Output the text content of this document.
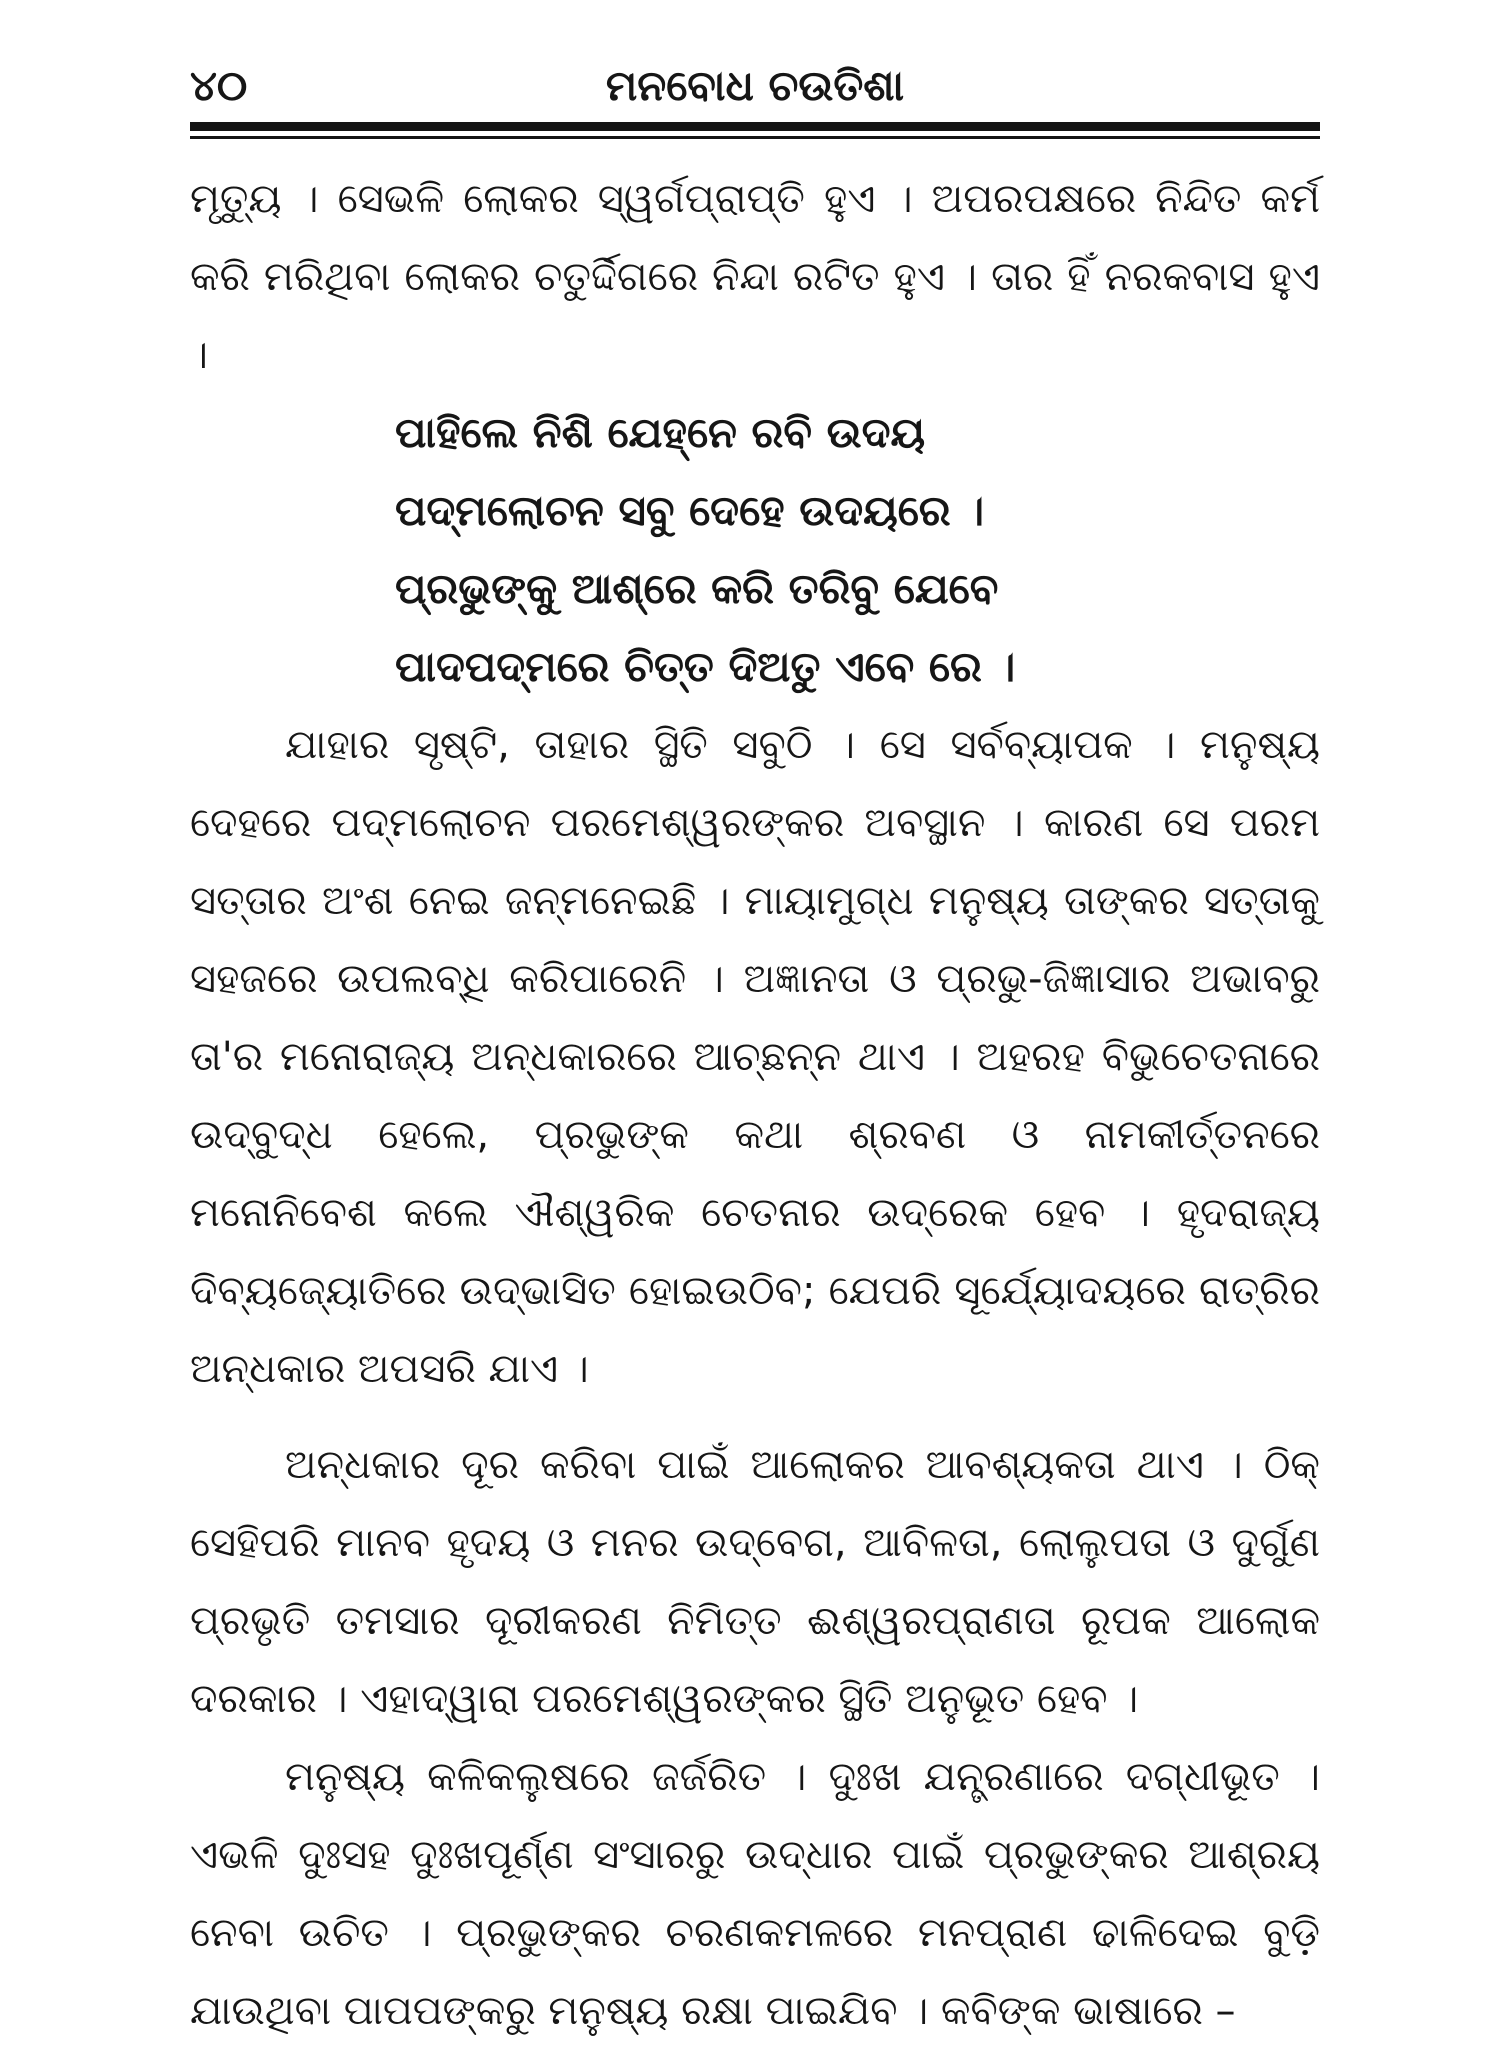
୪୦	ମନବୋଧ ଚଉତିଶା

ମୃତ୍ୟୁ । ସେଭଳି ଲୋକର ସ୍ୱର୍ଗପ୍ରାପ୍ତି ହୁଏ । ଅପରପକ୍ଷରେ ନିନ୍ଦିତ କର୍ମ କରି ମରିଥିବା ଲୋକର ଚତୁର୍ଦ୍ଦିଗରେ ନିନ୍ଦା ରଟିତ ହୁଏ । ତାର ହିଁ ନରକବାସ ହୁଏ ।

ପାହିଲେ ନିଶି ଯେହ୍ନେ ରବି ଉଦୟ
ପଦ୍ମଲୋଚନ ସବୁ ଦେହେ ଉଦୟରେ ।
ପ୍ରଭୁଙ୍କୁ ଆଶ୍ରେ କରି ତରିବୁ ଯେବେ
ପାଦପଦ୍ମରେ ଚିତ୍ତ ଦିଅତୁ ଏବେ ରେ ।

ଯାହାର ସୃଷ୍ଟି, ତାହାର ସ୍ଥିତି ସବୁଠି । ସେ ସର୍ବବ୍ୟାପକ । ମନୁଷ୍ୟ ଦେହରେ ପଦ୍ମଲୋଚନ ପରମେଶ୍ୱରଙ୍କର ଅବସ୍ଥାନ । କାରଣ ସେ ପରମ ସତ୍ତାର ଅଂଶ ନେଇ ଜନ୍ମନେଇଛି । ମାୟାମୁଗ୍ଧ ମନୁଷ୍ୟ ତାଙ୍କର ସତ୍ତାକୁ ସହଜରେ ଉପଲବ୍ଧି କରିପାରେନି । ଅଜ୍ଞାନତା ଓ ପ୍ରଭୁ-ଜିଜ୍ଞାସାର ଅଭାବରୁ ତା'ର ମନୋରାଜ୍ୟ ଅନ୍ଧକାରରେ ଆଚ୍ଛନ୍ନ ଥାଏ । ଅହରହ ବିଭୁଚେତନାରେ ଉଦ୍‌ବୁଦ୍ଧ ହେଲେ, ପ୍ରଭୁଙ୍କ କଥା ଶ୍ରବଣ ଓ ନାମକୀର୍ତ୍ତନରେ ମନୋନିବେଶ କଲେ ଐଶ୍ୱରିକ ଚେତନାର ଉଦ୍ରେକ ହେବ । ହୃଦରାଜ୍ୟ ଦିବ୍ୟଜ୍ୟୋତିରେ ଉଦ୍‌ଭାସିତ ହୋଇଉଠିବ; ଯେପରି ସୂର୍ଯ୍ୟୋଦୟରେ ରାତ୍ରିର ଅନ୍ଧକାର ଅପସରି ଯାଏ ।

ଅନ୍ଧକାର ଦୂର କରିବା ପାଇଁ ଆଲୋକର ଆବଶ୍ୟକତା ଥାଏ । ଠିକ୍ ସେହିପରି ମାନବ ହୃଦୟ ଓ ମନର ଉଦ୍‌ବେଗ, ଆବିଳତା, ଲୋଲୁପତା ଓ ଦୁର୍ଗୁଣ ପ୍ରଭୃତି ତମସାର ଦୂରୀକରଣ ନିମିତ୍ତ ଈଶ୍ୱରପ୍ରାଣତା ରୂପକ ଆଲୋକ ଦରକାର । ଏହାଦ୍ୱାରା ପରମେଶ୍ୱରଙ୍କର ସ୍ଥିତି ଅନୁଭୂତ ହେବ ।

ମନୁଷ୍ୟ କଳିକଲୁଷରେ ଜର୍ଜରିତ । ଦୁଃଖ ଯନ୍ତ୍ରଣାରେ ଦଗ୍‌ଧୀଭୂତ । ଏଭଳି ଦୁଃସହ ଦୁଃଖପୂର୍ଣ୍ଣ ସଂସାରରୁ ଉଦ୍ଧାର ପାଇଁ ପ୍ରଭୁଙ୍କର ଆଶ୍ରୟ ନେବା ଉଚିତ । ପ୍ରଭୁଙ୍କର ଚରଣକମଳରେ ମନପ୍ରାଣ ଢାଳିଦେଇ ବୁଡ଼ି ଯାଉଥିବା ପାପପଙ୍କରୁ ମନୁଷ୍ୟ ରକ୍ଷା ପାଇଯିବ । କବିଙ୍କ ଭାଷାରେ –
